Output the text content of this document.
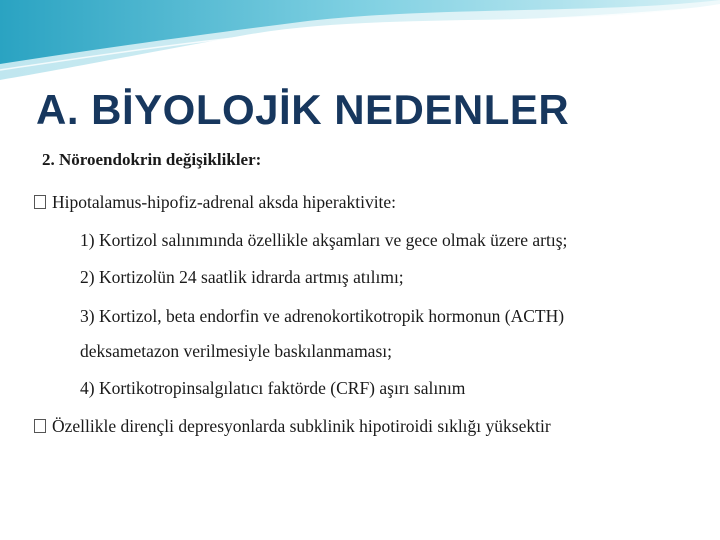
A. BİYOLOJİK NEDENLER
2. Nöroendokrin değişiklikler:
Hipotalamus-hipofiz-adrenal aksda hiperaktivite:
1) Kortizol salınımında özellikle akşamları ve gece olmak üzere artış;
2) Kortizolün 24 saatlik idrarda artmış atılımı;
3) Kortizol, beta endorfin ve adrenokortikotropik hormonun (ACTH)
deksametazon verilmesiyle baskılanmaması;
4) Kortikotropinsalgılatıcı faktörde (CRF) aşırı salınım
Özellikle dirençli depresyonlarda subklinik hipotiroidi sıklığı yüksektir
